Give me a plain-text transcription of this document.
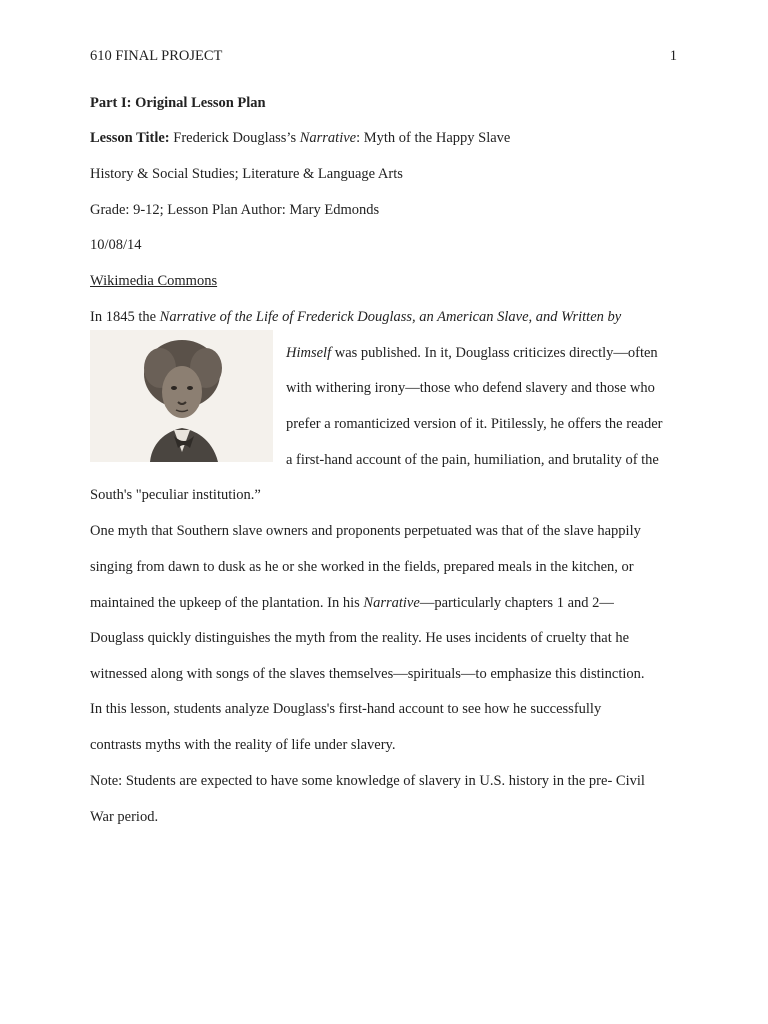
610 FINAL PROJECT	1
Part I: Original Lesson Plan
Lesson Title: Frederick Douglass’s Narrative: Myth of the Happy Slave
History & Social Studies; Literature & Language Arts
Grade: 9-12; Lesson Plan Author: Mary Edmonds
10/08/14
Wikimedia Commons
In 1845 the Narrative of the Life of Frederick Douglass, an American Slave, and Written by
Himself was published. In it, Douglass criticizes directly—often
with withering irony—those who defend slavery and those who
prefer a romanticized version of it. Pitilessly, he offers the reader
a first-hand account of the pain, humiliation, and brutality of the
South's "peculiar institution.”
One myth that Southern slave owners and proponents perpetuated was that of the slave happily
singing from dawn to dusk as he or she worked in the fields, prepared meals in the kitchen, or
maintained the upkeep of the plantation. In his Narrative—particularly chapters 1 and 2—
Douglass quickly distinguishes the myth from the reality. He uses incidents of cruelty that he
witnessed along with songs of the slaves themselves—spirituals—to emphasize this distinction.
In this lesson, students analyze Douglass's first-hand account to see how he successfully
contrasts myths with the reality of life under slavery.
Note: Students are expected to have some knowledge of slavery in U.S. history in the pre- Civil
War period.
